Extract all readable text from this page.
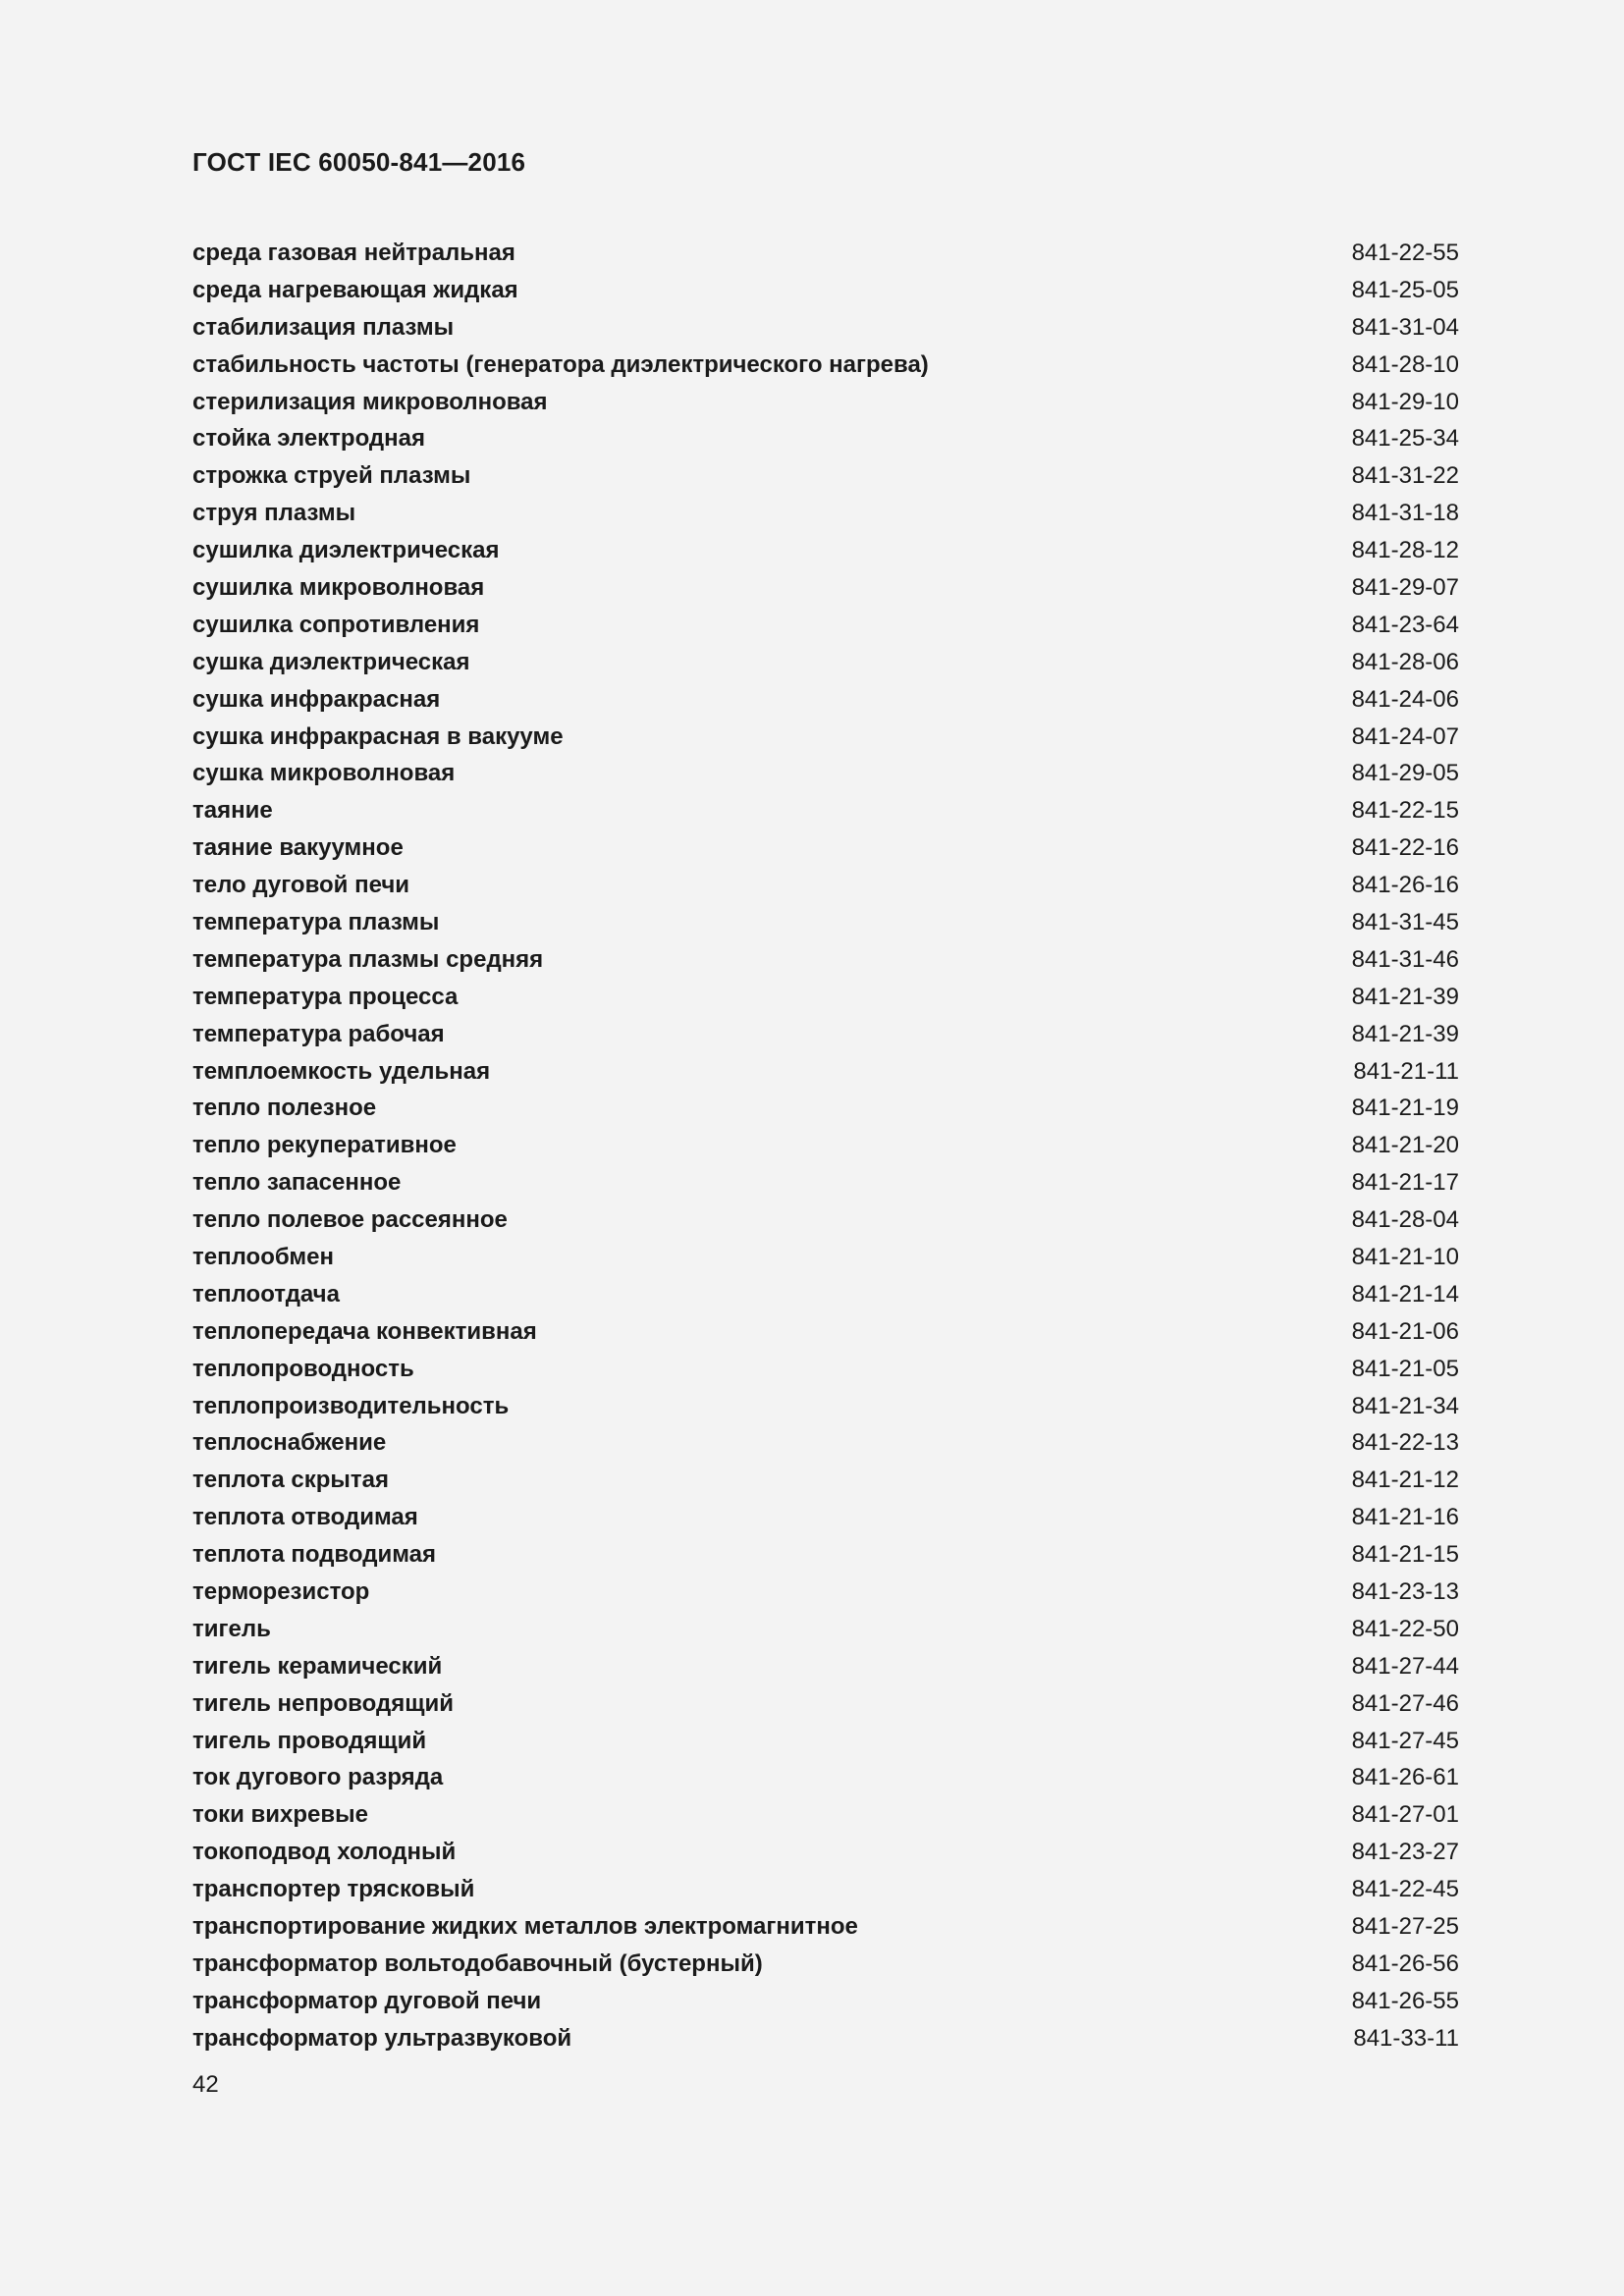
ГОСТ IEC 60050-841—2016
среда газовая нейтральная	841-22-55
среда нагревающая жидкая	841-25-05
стабилизация плазмы	841-31-04
стабильность частоты (генератора диэлектрического нагрева)	841-28-10
стерилизация микроволновая	841-29-10
стойка электродная	841-25-34
строжка струей плазмы	841-31-22
струя плазмы	841-31-18
сушилка диэлектрическая	841-28-12
сушилка микроволновая	841-29-07
сушилка сопротивления	841-23-64
сушка диэлектрическая	841-28-06
сушка инфракрасная	841-24-06
сушка инфракрасная в вакууме	841-24-07
сушка микроволновая	841-29-05
таяние	841-22-15
таяние вакуумное	841-22-16
тело дуговой печи	841-26-16
температура плазмы	841-31-45
температура плазмы средняя	841-31-46
температура процесса	841-21-39
температура рабочая	841-21-39
темплоемкость удельная	841-21-11
тепло полезное	841-21-19
тепло рекуперативное	841-21-20
тепло запасенное	841-21-17
тепло полевое рассеянное	841-28-04
теплообмен	841-21-10
теплоотдача	841-21-14
теплопередача конвективная	841-21-06
теплопроводность	841-21-05
теплопроизводительность	841-21-34
теплоснабжение	841-22-13
теплота скрытая	841-21-12
теплота отводимая	841-21-16
теплота подводимая	841-21-15
терморезистор	841-23-13
тигель	841-22-50
тигель керамический	841-27-44
тигель непроводящий	841-27-46
тигель проводящий	841-27-45
ток дугового разряда	841-26-61
токи вихревые	841-27-01
токоподвод холодный	841-23-27
транспортер трясковый	841-22-45
транспортирование жидких металлов электромагнитное	841-27-25
трансформатор вольтодобавочный (бустерный)	841-26-56
трансформатор дуговой печи	841-26-55
трансформатор ультразвуковой	841-33-11
42
